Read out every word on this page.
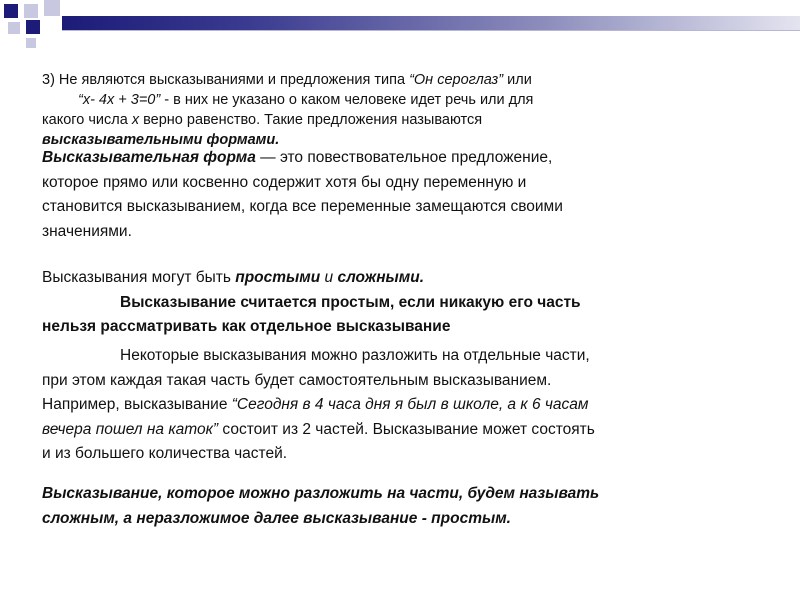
3) Не являются высказываниями и предложения типа “Он сероглаз” или
“x- 4x + 3=0” - в них не указано о каком человеке идет речь или для
какого числа x верно равенство. Такие предложения называются
высказывательными формами.
Высказывательная форма — это повествовательное предложение,
которое прямо или косвенно содержит хотя бы одну переменную и
становится высказыванием, когда все переменные замещаются своими
значениями.
Высказывания могут быть простыми и сложными.
Высказывание считается простым, если никакую его часть
нельзя рассматривать как отдельное высказывание
Некоторые высказывания можно разложить на отдельные части,
при этом каждая такая часть будет самостоятельным высказыванием.
Например, высказывание “Сегодня в 4 часа дня я был в школе, а к 6 часам
вечера пошел на каток” состоит из 2 частей. Высказывание может состоять
и из большего количества частей.
Высказывание, которое можно разложить на части, будем называть
сложным, а неразложимое далее высказывание - простым.
